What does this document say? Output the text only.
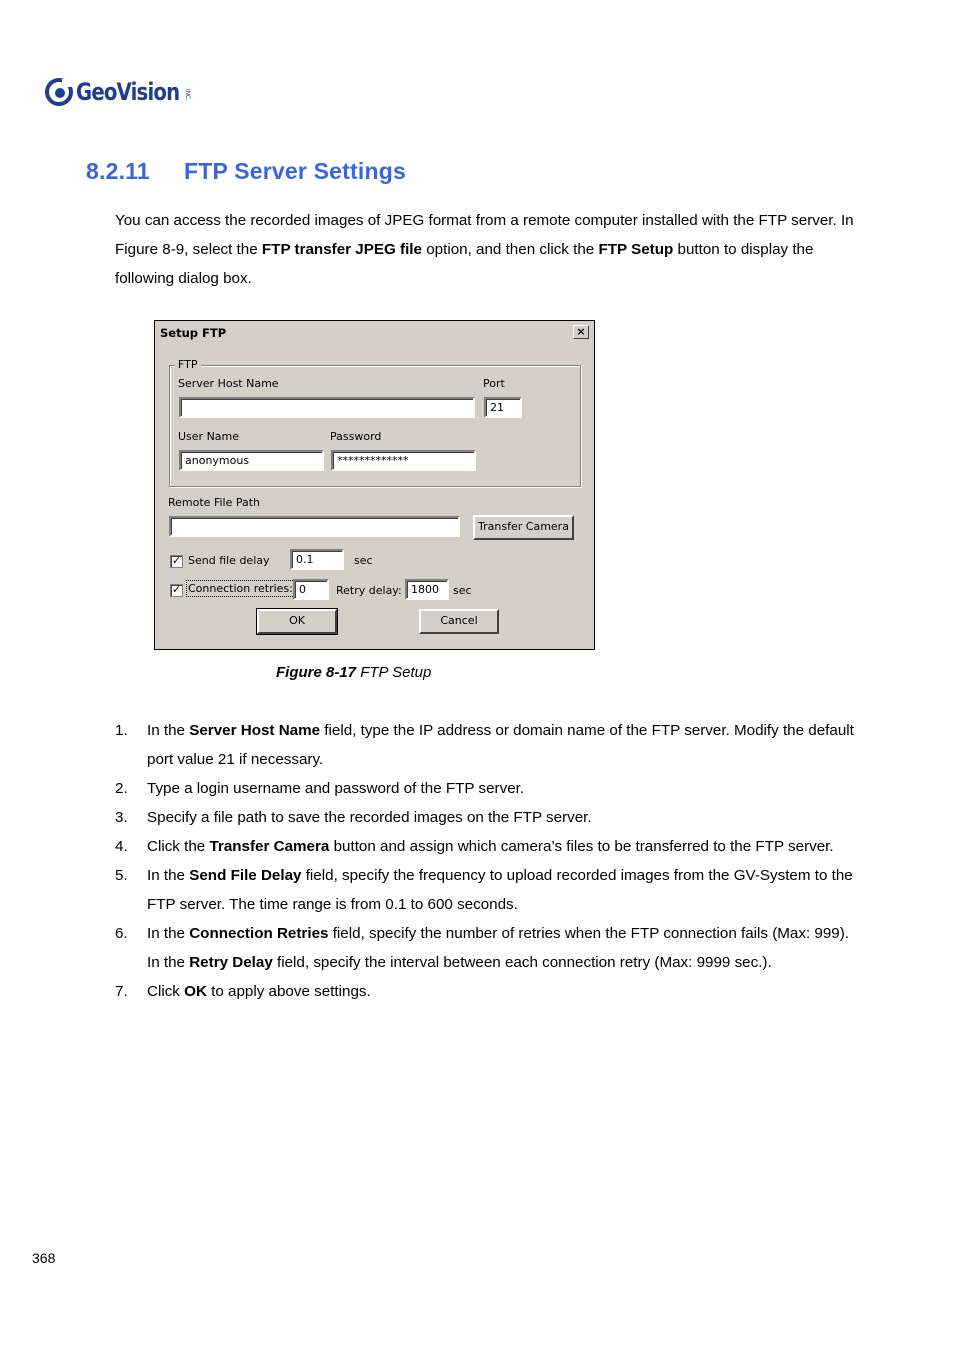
GeoVision INC.
8.2.11 FTP Server Settings

You can access the recorded images of JPEG format from a remote computer installed with the FTP server. In Figure 8-9, select the FTP transfer JPEG file option, and then click the FTP Setup button to display the following dialog box.

Setup FTP	×
FTP
Server Host Name	Port
21
User Name
anonymous
Password
*************
Remote File Path
Transfer Camera
✓ Send file delay	0.1	sec
✓ Connection retries: 0	Retry delay: 1800	sec
OK	Cancel
Figure 8-17 FTP Setup
1. In the Server Host Name field, type the IP address or domain name of the FTP server. Modify the default port value 21 if necessary.
2. Type a login username and password of the FTP server.
3. Specify a file path to save the recorded images on the FTP server.
4. Click the Transfer Camera button and assign which camera’s files to be transferred to the FTP server.
5. In the Send File Delay field, specify the frequency to upload recorded images from the GV-System to the FTP server. The time range is from 0.1 to 600 seconds.
6. In the Connection Retries field, specify the number of retries when the FTP connection fails (Max: 999). In the Retry Delay field, specify the interval between each connection retry (Max: 9999 sec.).
7. Click OK to apply above settings.
368
